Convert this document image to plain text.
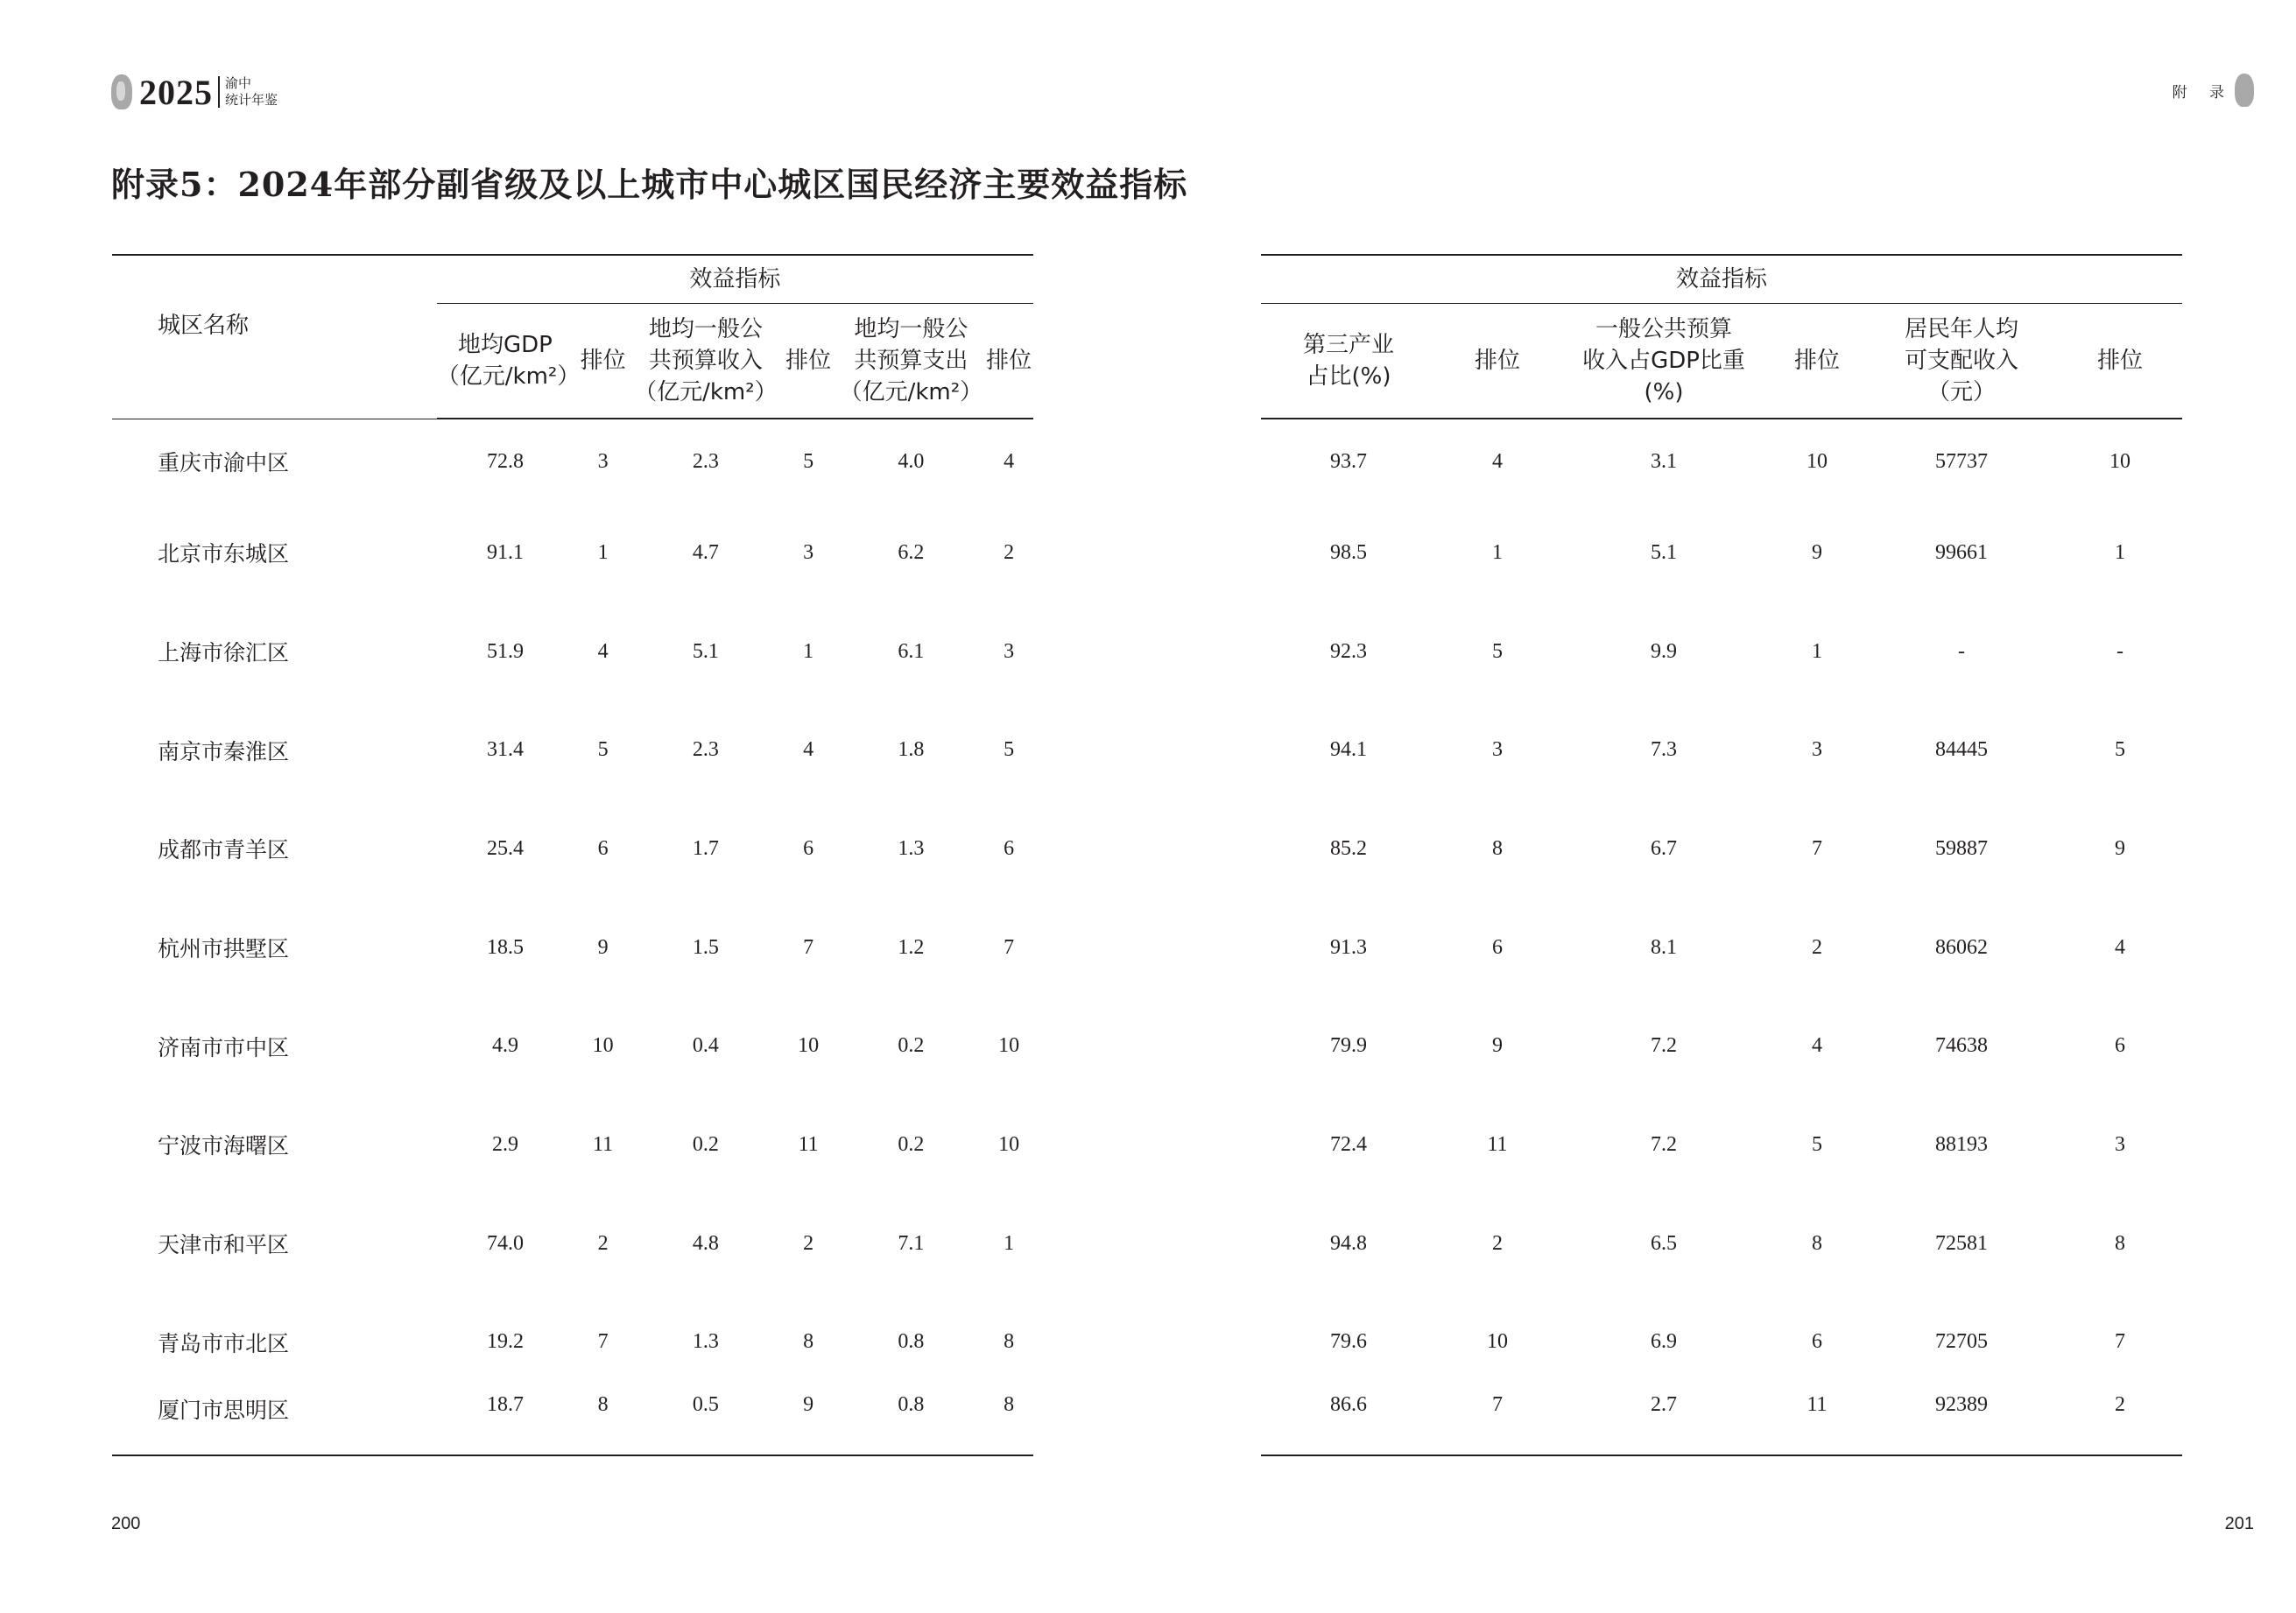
2025 渝中
统计年鉴
附录5：2024年部分副省级及以上城市中心城区国民经济主要效益指标
城区名称	效益指标					

	地均GDP
（亿元/km²）	排位	地均一般公
共预算收入
（亿元/km²）	排位	地均一般公
共预算支出
（亿元/km²）	排位

重庆市渝中区	72.8	3	2.3	5	4.0	4
北京市东城区	91.1	1	4.7	3	6.2	2
上海市徐汇区	51.9	4	5.1	1	6.1	3
南京市秦淮区	31.4	5	2.3	4	1.8	5
成都市青羊区	25.4	6	1.7	6	1.3	6
杭州市拱墅区	18.5	9	1.5	7	1.2	7
济南市市中区	4.9	10	0.4	10	0.2	10
宁波市海曙区	2.9	11	0.2	11	0.2	10
天津市和平区	74.0	2	4.8	2	7.1	1
青岛市市北区	19.2	7	1.3	8	0.8	8
厦门市思明区	18.7	8	0.5	9	0.8	8
200
附 录
效益指标					

第三产业
占比(%)	排位	一般公共预算
收入占GDP比重
(%)	排位	居民年人均
可支配收入
（元）	排位

93.7	4	3.1	10	57737	10
98.5	1	5.1	9	99661	1
92.3	5	9.9	1	-	-
94.1	3	7.3	3	84445	5
85.2	8	6.7	7	59887	9
91.3	6	8.1	2	86062	4
79.9	9	7.2	4	74638	6
72.4	11	7.2	5	88193	3
94.8	2	6.5	8	72581	8
79.6	10	6.9	6	72705	7
86.6	7	2.7	11	92389	2
201
